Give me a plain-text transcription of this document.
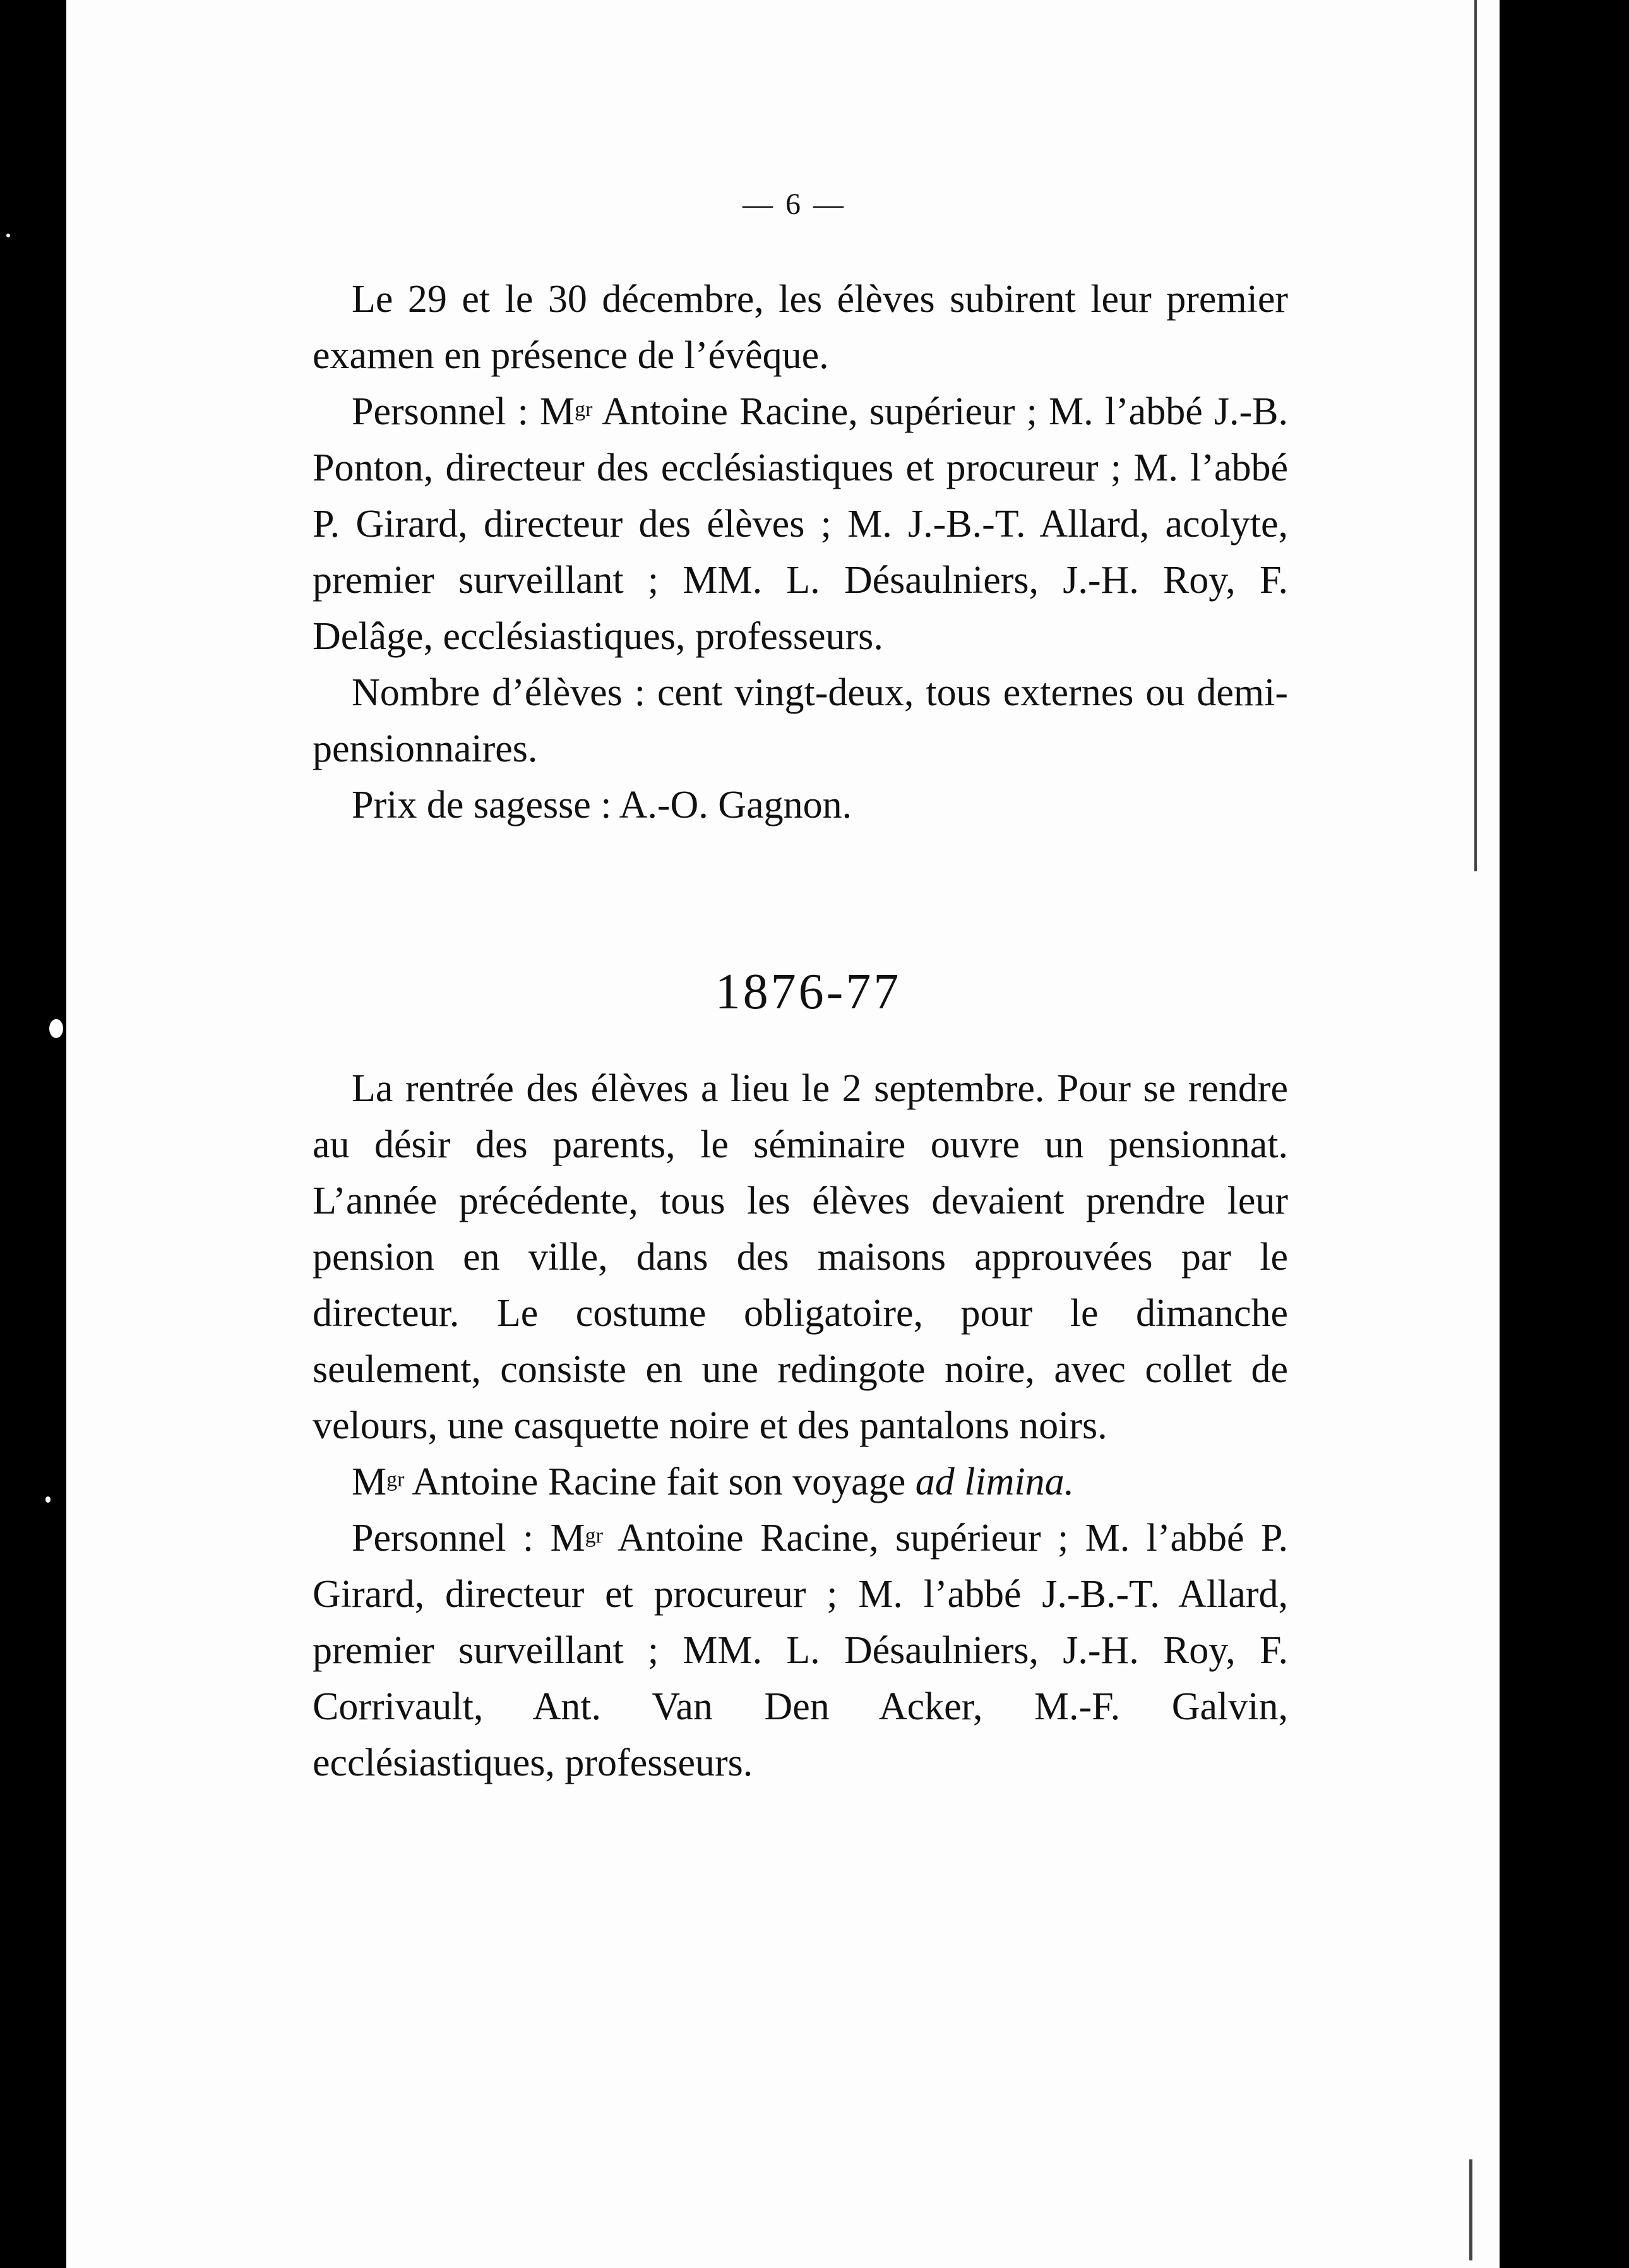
— 6 —

Le 29 et le 30 décembre, les élèves subirent leur premier examen en présence de l’évêque.

Personnel : $M^{gr}$ Antoine Racine, supérieur ; M. l’abbé J.-B. Ponton, directeur des ecclésiastiques et procureur ; M. l’abbé P. Girard, directeur des élèves ; M. J.-B.-T. Allard, acolyte, premier surveillant ; MM. L. Désaulniers, J.-H. Roy, F. Delâge, ecclésiastiques, professeurs.

Nombre d’élèves : cent vingt-deux, tous externes ou demi-pensionnaires.

Prix de sagesse : A.-O. Gagnon.

1876-77

La rentrée des élèves a lieu le 2 septembre. Pour se rendre au désir des parents, le séminaire ouvre un pensionnat. L’année précédente, tous les élèves devaient prendre leur pension en ville, dans des maisons approuvées par le directeur. Le costume obligatoire, pour le dimanche seulement, consiste en une redingote noire, avec collet de velours, une casquette noire et des pantalons noirs.

$M^{gr}$ Antoine Racine fait son voyage ad limina.

Personnel : $M^{gr}$ Antoine Racine, supérieur ; M. l’abbé P. Girard, directeur et procureur ; M. l’abbé J.-B.-T. Allard, premier surveillant ; MM. L. Désaulniers, J.-H. Roy, F. Corrivault, Ant. Van Den Acker, M.-F. Galvin, ecclésiastiques, professeurs.
